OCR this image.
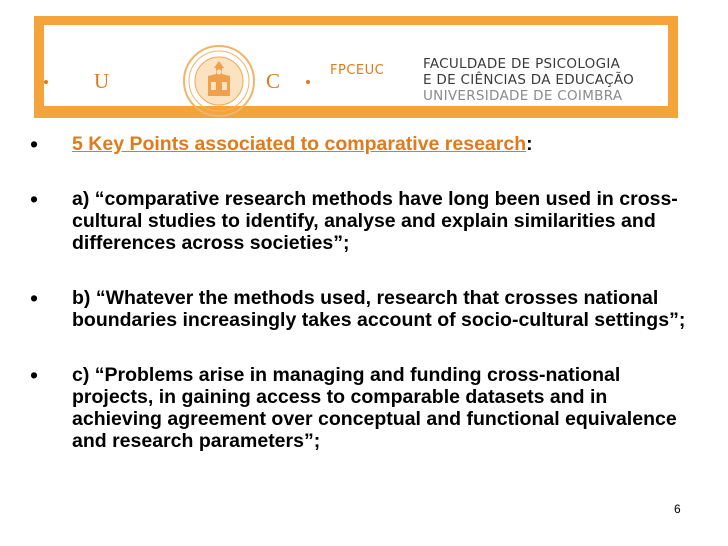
U	C	FPCEUC	FACULDADE DE PSICOLOGIA
E DE CIÊNCIAS DA EDUCAÇÃO
UNIVERSIDADE DE COIMBRA
• 5 Key Points associated to comparative research:
• a) “comparative research methods have long been used in cross-cultural studies to identify, analyse and explain similarities and differences across societies”;
• b) “Whatever the methods used, research that crosses national boundaries increasingly takes account of socio-cultural settings”;
• c) “Problems arise in managing and funding cross-national projects, in gaining access to comparable datasets and in achieving agreement over conceptual and functional equivalence and research parameters”;
6
